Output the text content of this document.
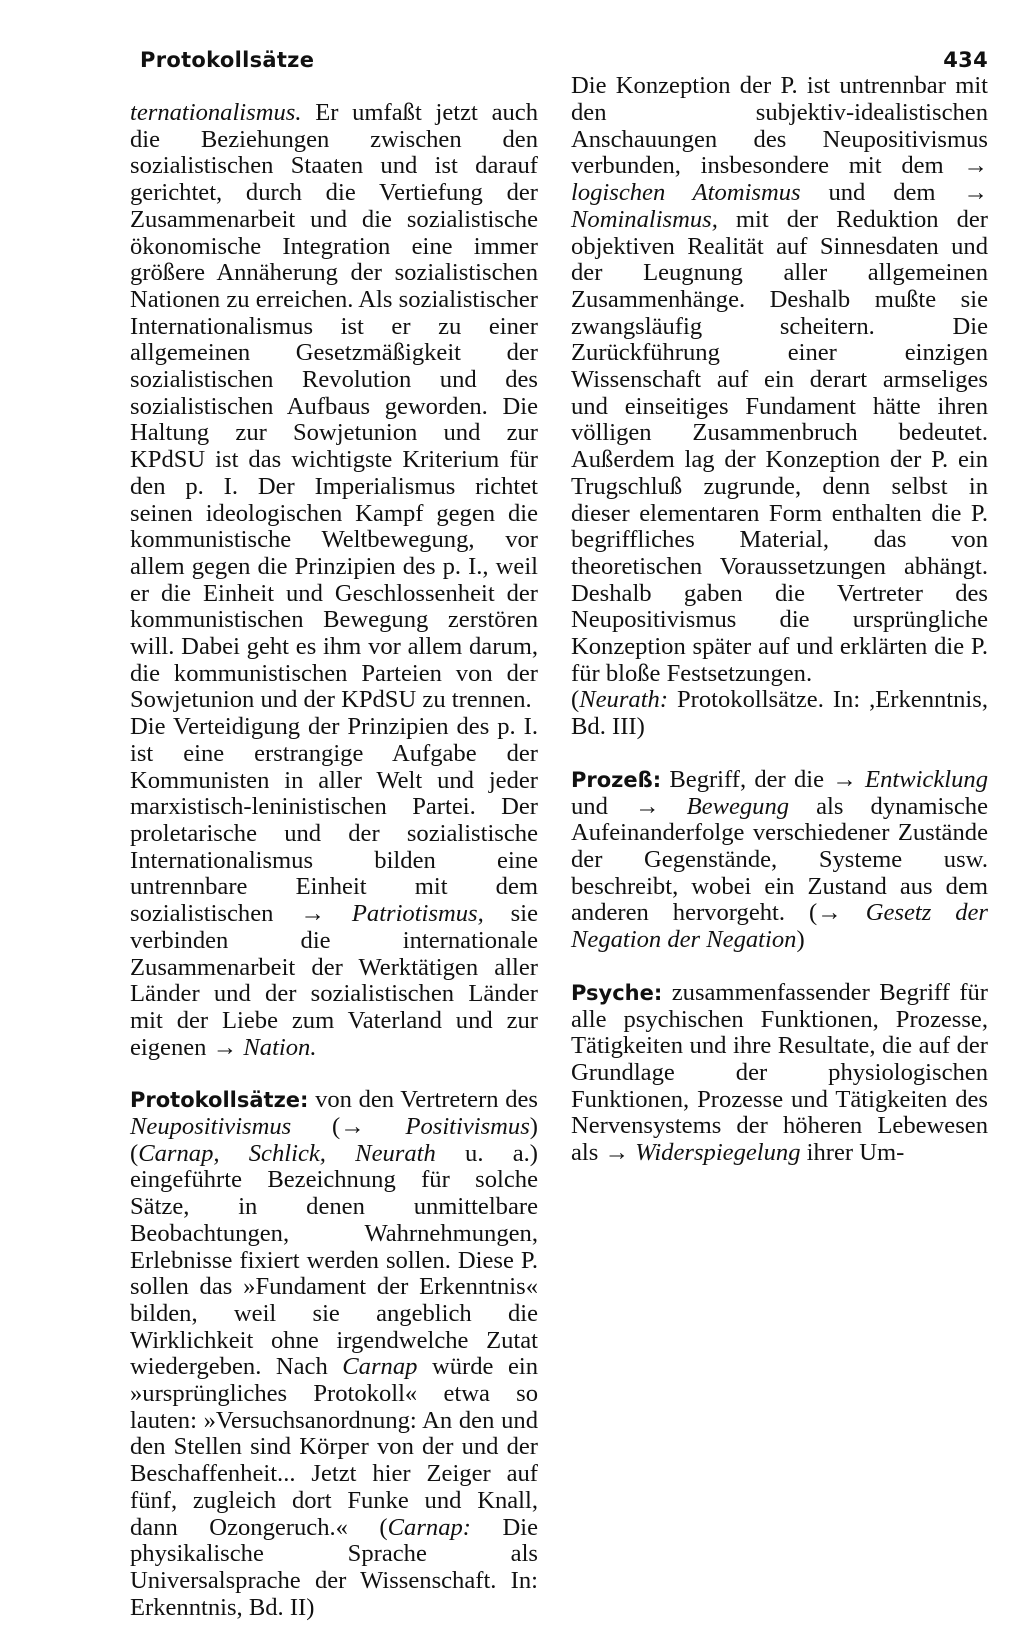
Protokollsätze	434

ternationalismus. Er umfaßt jetzt auch die Beziehungen zwischen den sozialistischen Staaten und ist darauf gerichtet, durch die Vertiefung der Zusammenarbeit und die sozialistische ökonomische Integration eine immer größere Annäherung der sozialistischen Nationen zu erreichen. Als sozialistischer Internationalismus ist er zu einer allgemeinen Gesetzmäßigkeit der sozialistischen Revolution und des sozialistischen Aufbaus geworden. Die Haltung zur Sowjetunion und zur KPdSU ist das wichtigste Kriterium für den p. I. Der Imperialismus richtet seinen ideologischen Kampf gegen die kommunistische Weltbewegung, vor allem gegen die Prinzipien des p. I., weil er die Einheit und Geschlossenheit der kommunistischen Bewegung zerstören will. Dabei geht es ihm vor allem darum, die kommunistischen Parteien von der Sowjetunion und der KPdSU zu trennen.

Die Verteidigung der Prinzipien des p. I. ist eine erstrangige Aufgabe der Kommunisten in aller Welt und jeder marxistisch-leninistischen Partei. Der proletarische und der sozialistische Internationalismus bilden eine untrennbare Einheit mit dem sozialistischen → Patriotismus, sie verbinden die internationale Zusammenarbeit der Werktätigen aller Länder und der sozialistischen Länder mit der Liebe zum Vaterland und zur eigenen → Nation.

Protokollsätze: von den Vertretern des Neupositivismus (→ Positivismus) (Carnap, Schlick, Neurath u. a.) eingeführte Bezeichnung für solche Sätze, in denen unmittelbare Beobachtungen, Wahrnehmungen, Erlebnisse fixiert werden sollen. Diese P. sollen das »Fundament der Erkenntnis« bilden, weil sie angeblich die Wirklichkeit ohne irgendwelche Zutat wiedergeben. Nach Carnap würde ein »ursprüngliches Protokoll« etwa so lauten: »Versuchsanordnung: An den und den Stellen sind Körper von der und der Beschaffenheit... Jetzt hier Zeiger auf fünf, zugleich dort Funke und Knall, dann Ozongeruch.« (Carnap: Die physikalische Sprache als Universalsprache der Wissenschaft. In: Erkenntnis, Bd. II)

Die Konzeption der P. ist untrennbar mit den subjektiv-idealistischen Anschauungen des Neupositivismus verbunden, insbesondere mit dem → logischen Atomismus und dem → Nominalismus, mit der Reduktion der objektiven Realität auf Sinnesdaten und der Leugnung aller allgemeinen Zusammenhänge. Deshalb mußte sie zwangsläufig scheitern. Die Zurückführung einer einzigen Wissenschaft auf ein derart armseliges und einseitiges Fundament hätte ihren völligen Zusammenbruch bedeutet. Außerdem lag der Konzeption der P. ein Trugschluß zugrunde, denn selbst in dieser elementaren Form enthalten die P. begriffliches Material, das von theoretischen Voraussetzungen abhängt. Deshalb gaben die Vertreter des Neupositivismus die ursprüngliche Konzeption später auf und erklärten die P. für bloße Festsetzungen.

(Neurath: Protokollsätze. In: ,Erkenntnis, Bd. III)

Prozeß: Begriff, der die → Entwicklung und → Bewegung als dynamische Aufeinanderfolge verschiedener Zustände der Gegenstände, Systeme usw. beschreibt, wobei ein Zustand aus dem anderen hervorgeht. (→ Gesetz der Negation der Negation)

Psyche: zusammenfassender Begriff für alle psychischen Funktionen, Prozesse, Tätigkeiten und ihre Resultate, die auf der Grundlage der physiologischen Funktionen, Prozesse und Tätigkeiten des Nervensystems der höheren Lebewesen als → Widerspiegelung ihrer Um-
